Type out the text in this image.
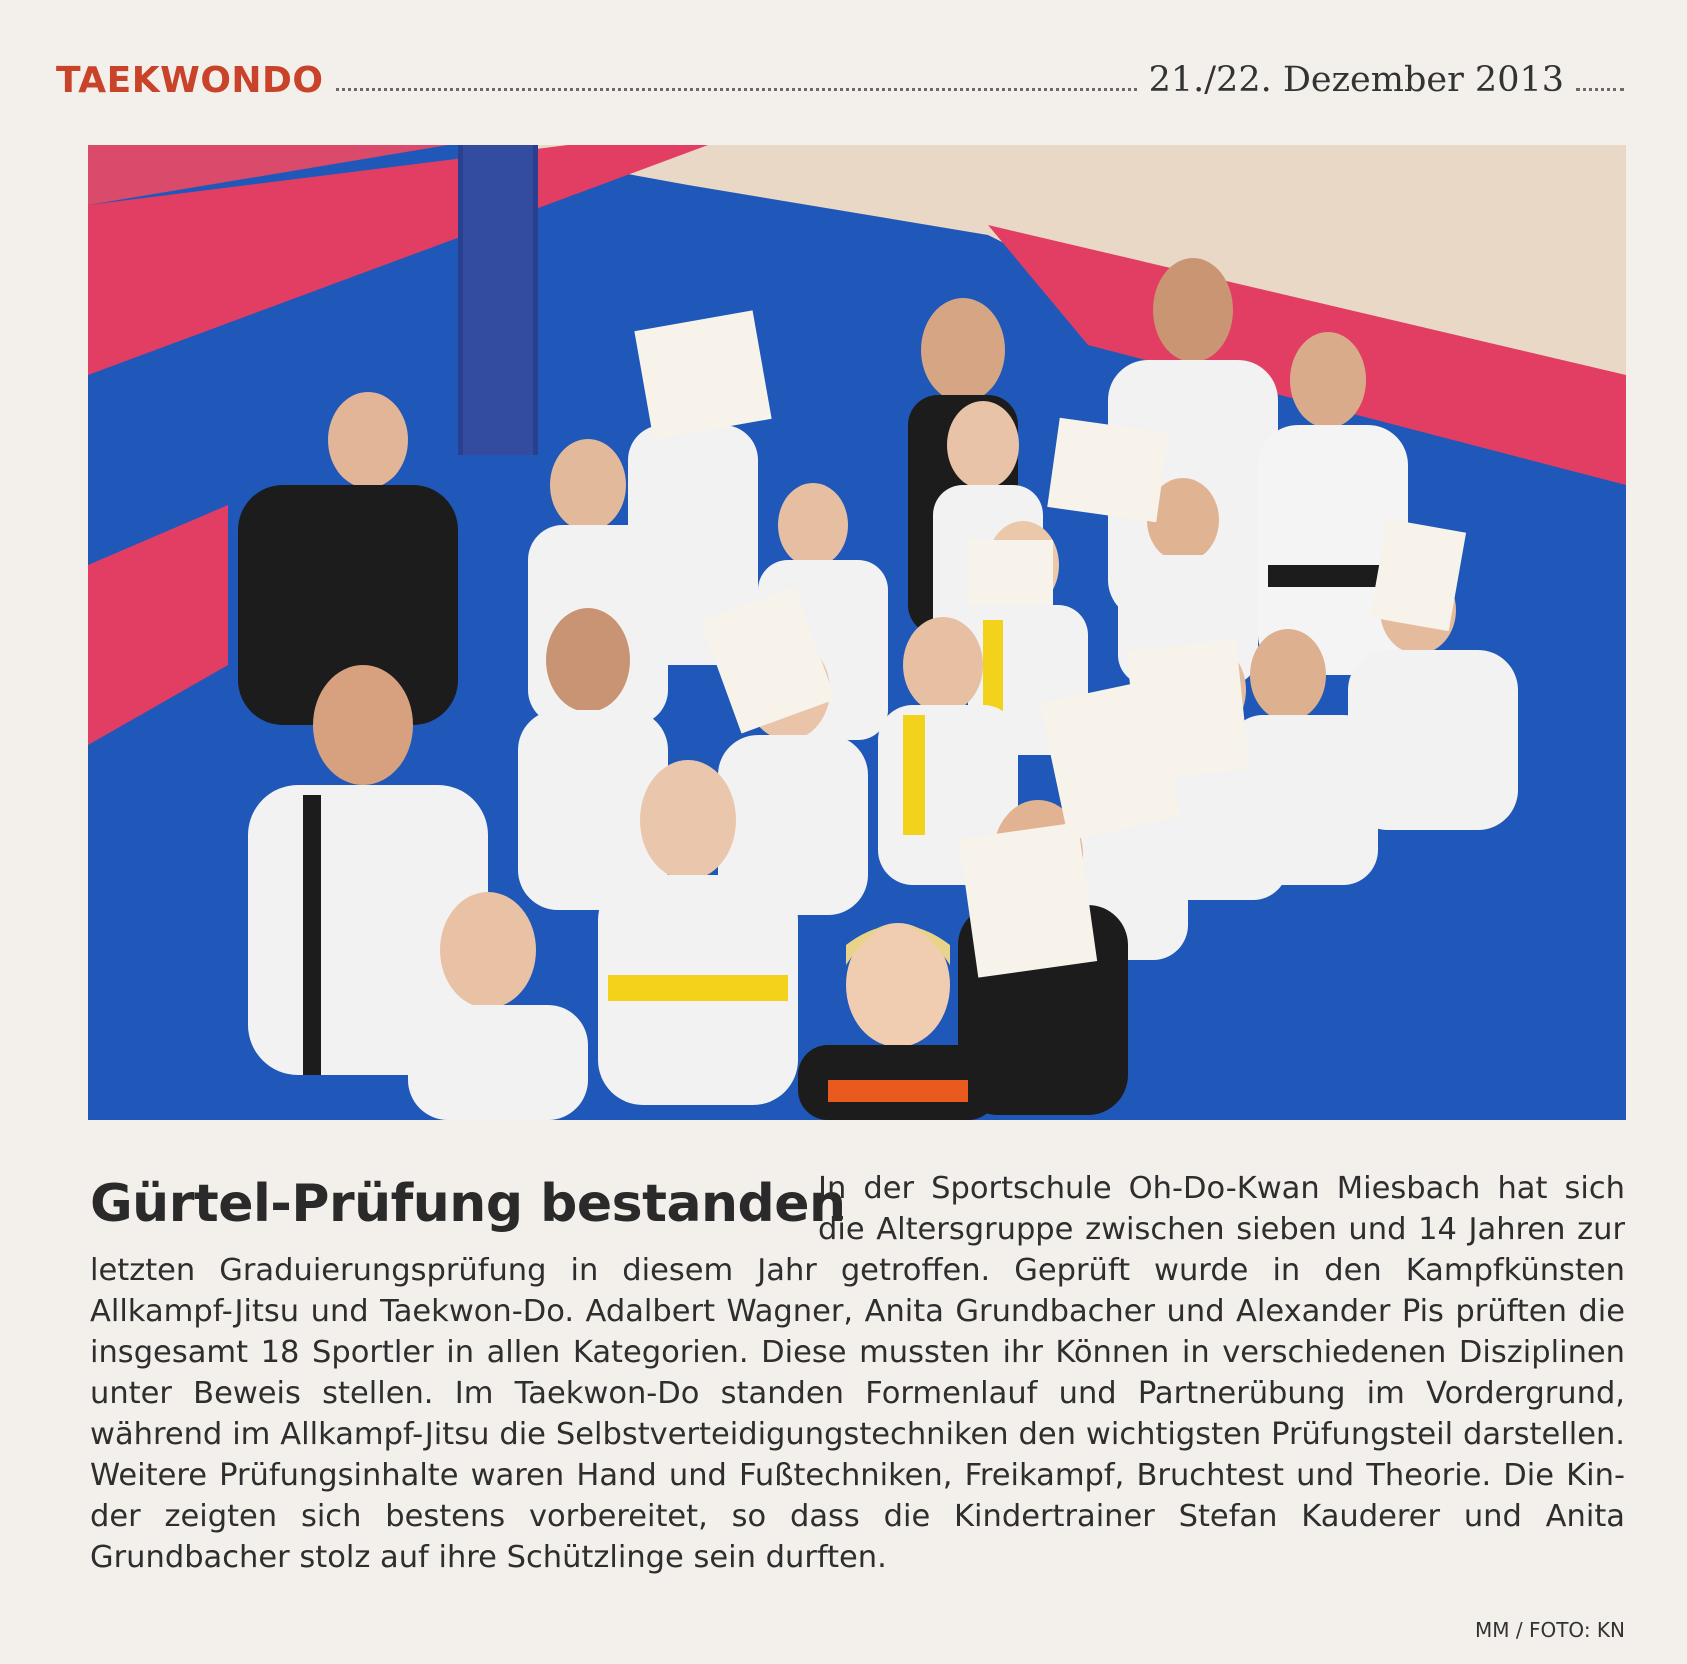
TAEKWONDO	21./22. Dezember 2013
Gürtel-Prüfung bestanden
In der Sportschule Oh-Do-Kwan Miesbach hat sich die Altersgruppe zwischen sieben und 14 Jahren zur letzten Graduierungsprüfung in diesem Jahr getroffen. Geprüft wurde in den Kampfkünsten Allkampf-Jitsu und Taekwon-Do. Adalbert Wagner, Anita Grundbacher und Alexander Pis prüften die insgesamt 18 Sportler in allen Kategorien. Diese mussten ihr Können in verschiedenen Disziplinen unter Beweis stellen. Im Taekwon-Do standen Formenlauf und Partnerübung im Vordergrund, während im Allkampf-Jitsu die Selbstverteidigungstechniken den wichtigsten Prüfungsteil darstellen. Weitere Prüfungsinhalte waren Hand und Fußtechniken, Freikampf, Bruchtest und Theorie. Die Kinder zeigten sich bestens vorbereitet, so dass die Kindertrainer Stefan Kauderer und Anita Grundbacher stolz auf ihre Schützlinge sein durften.
MM / FOTO: KN
